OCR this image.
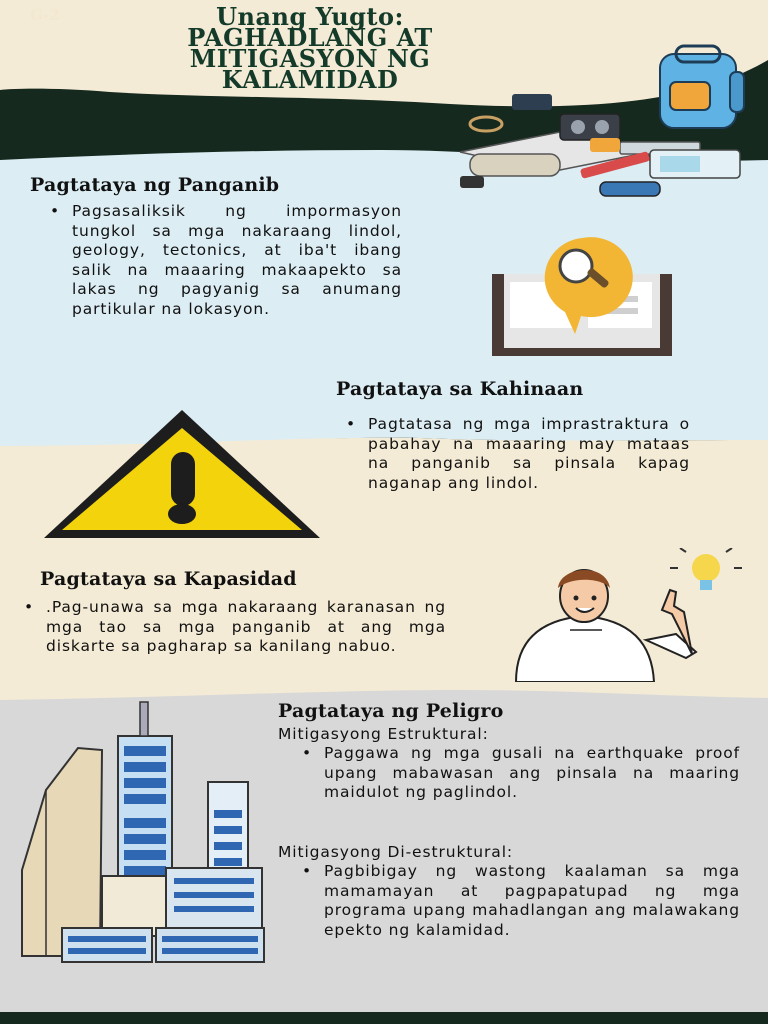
G-2	Unang Yugto:
PAGHADLANG AT
MITIGASYON NG
KALAMIDAD
Pagtataya ng Panganib
• Pagsasaliksik ng impormasyon tungkol sa mga nakaraang lindol, geology, tectonics, at iba't ibang salik na maaaring makaapekto sa lakas ng pagyanig sa anumang partikular na lokasyon.
Pagtataya sa Kahinaan
• Pagtatasa ng mga imprastraktura o pabahay na maaaring may mataas na panganib sa pinsala kapag naganap ang lindol.
Pagtataya sa Kapasidad
• .Pag-unawa sa mga nakaraang karanasan ng mga tao sa mga panganib at ang mga diskarte sa pagharap sa kanilang nabuo.
Pagtataya ng Peligro
Mitigasyong Estruktural:
• Paggawa ng mga gusali na earthquake proof upang mabawasan ang pinsala na maaring maidulot ng paglindol.
Mitigasyong Di-estruktural:
• Pagbibigay ng wastong kaalaman sa mga mamamayan at pagpapatupad ng mga programa upang mahadlangan ang malawakang epekto ng kalamidad.
